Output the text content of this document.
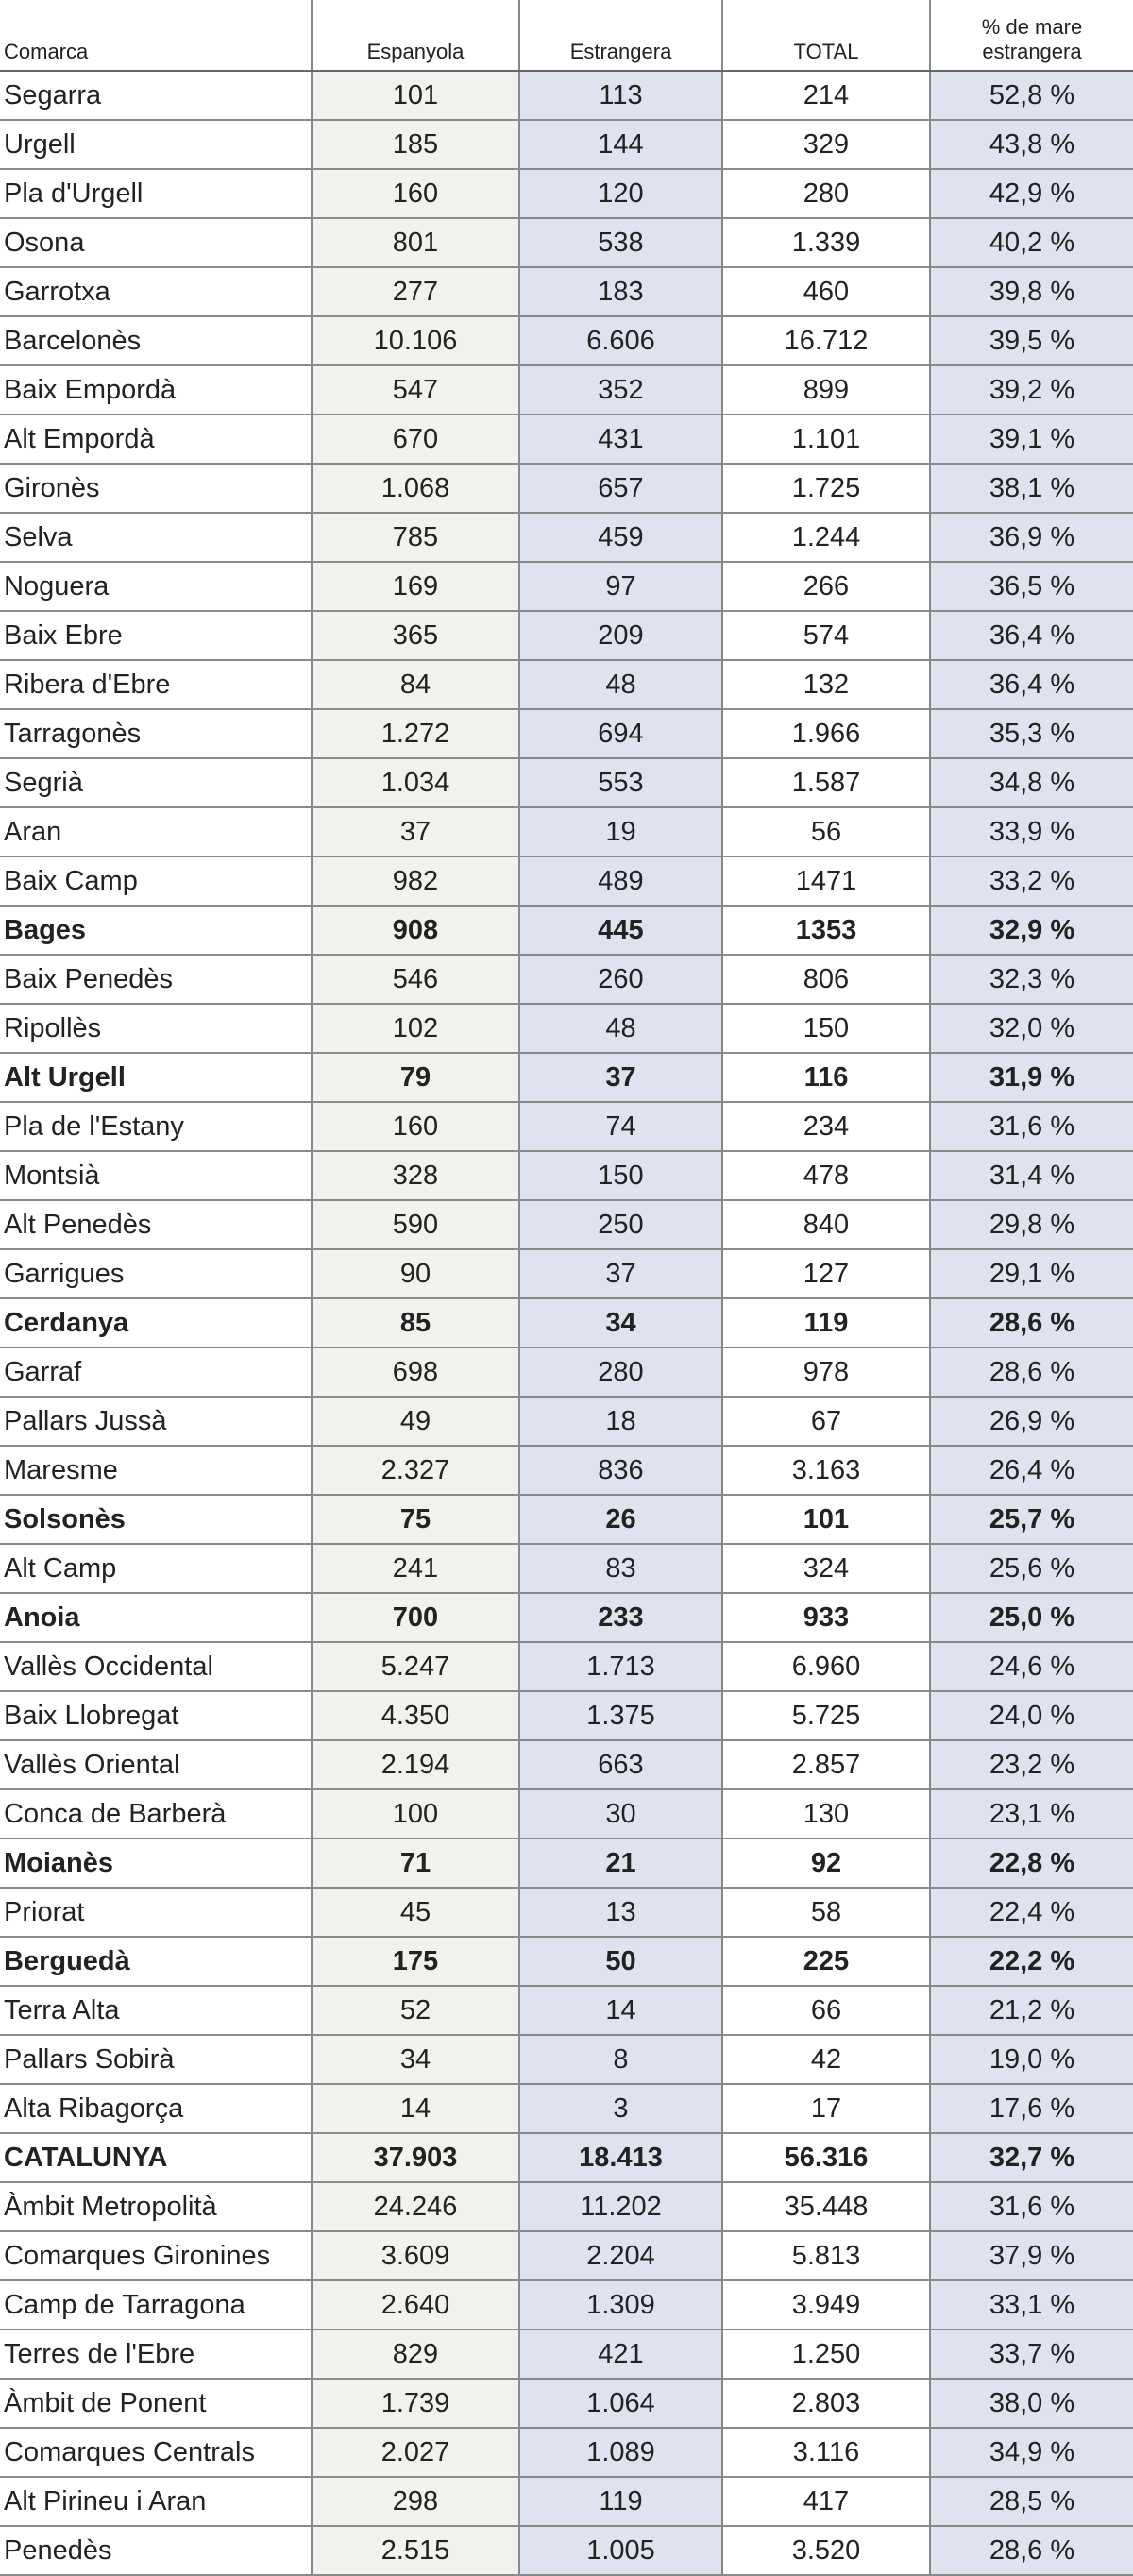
Comarca	Espanyola	Estrangera	TOTAL	% de mare estrangera
Segarra	101	113	214	52,8 %
Urgell	185	144	329	43,8 %
Pla d'Urgell	160	120	280	42,9 %
Osona	801	538	1.339	40,2 %
Garrotxa	277	183	460	39,8 %
Barcelonès	10.106	6.606	16.712	39,5 %
Baix Empordà	547	352	899	39,2 %
Alt Empordà	670	431	1.101	39,1 %
Gironès	1.068	657	1.725	38,1 %
Selva	785	459	1.244	36,9 %
Noguera	169	97	266	36,5 %
Baix Ebre	365	209	574	36,4 %
Ribera d'Ebre	84	48	132	36,4 %
Tarragonès	1.272	694	1.966	35,3 %
Segrià	1.034	553	1.587	34,8 %
Aran	37	19	56	33,9 %
Baix Camp	982	489	1471	33,2 %
Bages	908	445	1353	32,9 %
Baix Penedès	546	260	806	32,3 %
Ripollès	102	48	150	32,0 %
Alt Urgell	79	37	116	31,9 %
Pla de l'Estany	160	74	234	31,6 %
Montsià	328	150	478	31,4 %
Alt Penedès	590	250	840	29,8 %
Garrigues	90	37	127	29,1 %
Cerdanya	85	34	119	28,6 %
Garraf	698	280	978	28,6 %
Pallars Jussà	49	18	67	26,9 %
Maresme	2.327	836	3.163	26,4 %
Solsonès	75	26	101	25,7 %
Alt Camp	241	83	324	25,6 %
Anoia	700	233	933	25,0 %
Vallès Occidental	5.247	1.713	6.960	24,6 %
Baix Llobregat	4.350	1.375	5.725	24,0 %
Vallès Oriental	2.194	663	2.857	23,2 %
Conca de Barberà	100	30	130	23,1 %
Moianès	71	21	92	22,8 %
Priorat	45	13	58	22,4 %
Berguedà	175	50	225	22,2 %
Terra Alta	52	14	66	21,2 %
Pallars Sobirà	34	8	42	19,0 %
Alta Ribagorça	14	3	17	17,6 %
CATALUNYA	37.903	18.413	56.316	32,7 %
Àmbit Metropolità	24.246	11.202	35.448	31,6 %
Comarques Gironines	3.609	2.204	5.813	37,9 %
Camp de Tarragona	2.640	1.309	3.949	33,1 %
Terres de l'Ebre	829	421	1.250	33,7 %
Àmbit de Ponent	1.739	1.064	2.803	38,0 %
Comarques Centrals	2.027	1.089	3.116	34,9 %
Alt Pirineu i Aran	298	119	417	28,5 %
Penedès	2.515	1.005	3.520	28,6 %
